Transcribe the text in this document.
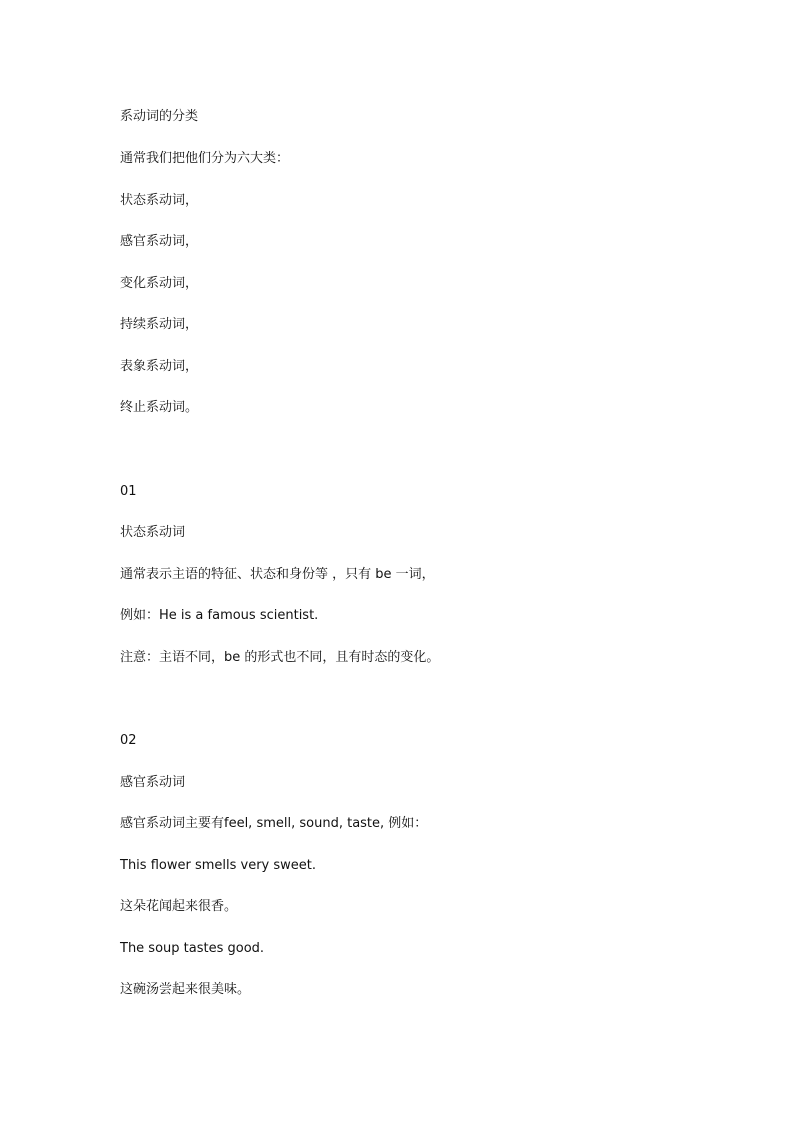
系动词的分类

通常我们把他们分为六大类：

状态系动词，

感官系动词，

变化系动词，

持续系动词，

表象系动词，

终止系动词。

01

状态系动词

通常表示主语的特征、状态和身份等 ，只有 be 一词，

例如：He is a famous scientist.

注意：主语不同，be 的形式也不同，且有时态的变化。

02

感官系动词

感官系动词主要有feel, smell, sound, taste, 例如：

This flower smells very sweet.

这朵花闻起来很香。

The soup tastes good.

这碗汤尝起来很美味。
